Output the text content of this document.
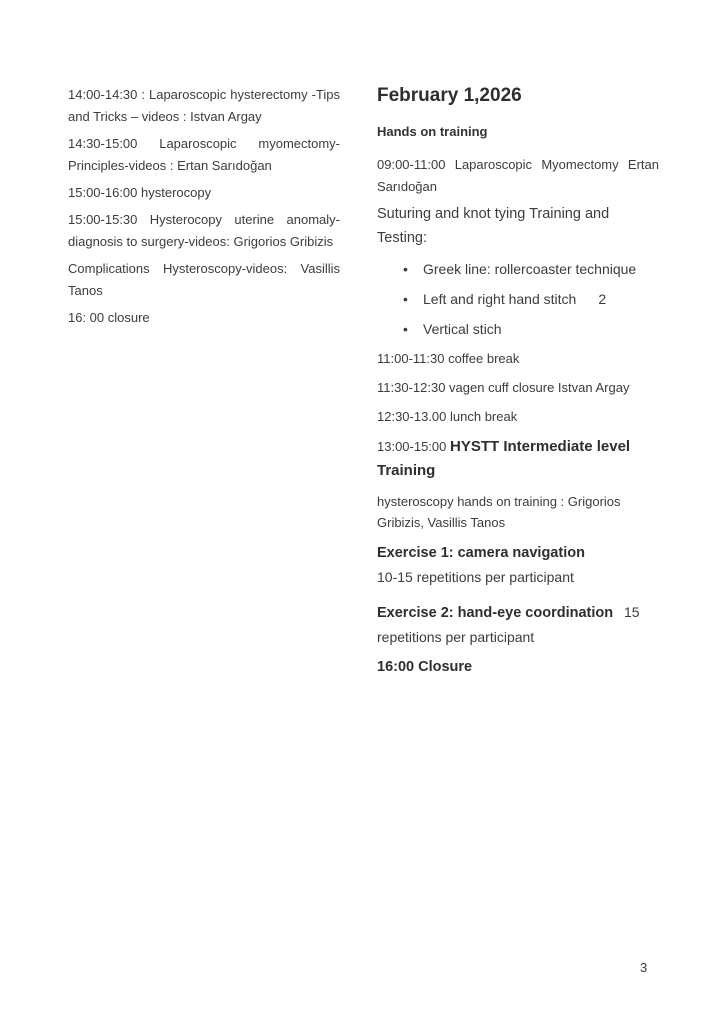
14:00-14:30 : Laparoscopic hysterectomy -Tips and Tricks – videos : Istvan Argay

14:30-15:00 Laparoscopic myomectomy-Principles-videos : Ertan Sarıdoğan

15:00-16:00 hysterocopy

15:00-15:30 Hysterocopy uterine anomaly-diagnosis to surgery-videos: Grigorios Gribizis

Complications Hysteroscopy-videos: Vasillis Tanos

16: 00 closure

February 1,2026
Hands on training

09:00-11:00 Laparoscopic Myomectomy Ertan Sarıdoğan

Suturing and knot tying Training and Testing:

• Greek line: rollercoaster technique
• Left and right hand stitch 2
• Vertical stich

11:00-11:30 coffee break

11:30-12:30 vagen cuff closure Istvan Argay

12:30-13.00 lunch break

13:00-15:00 HYSTT Intermediate level Training

hysteroscopy hands on training : Grigorios Gribizis, Vasillis Tanos

Exercise 1: camera navigation

10-15 repetitions per participant

Exercise 2: hand-eye coordination 15 repetitions per participant

16:00 Closure

3
